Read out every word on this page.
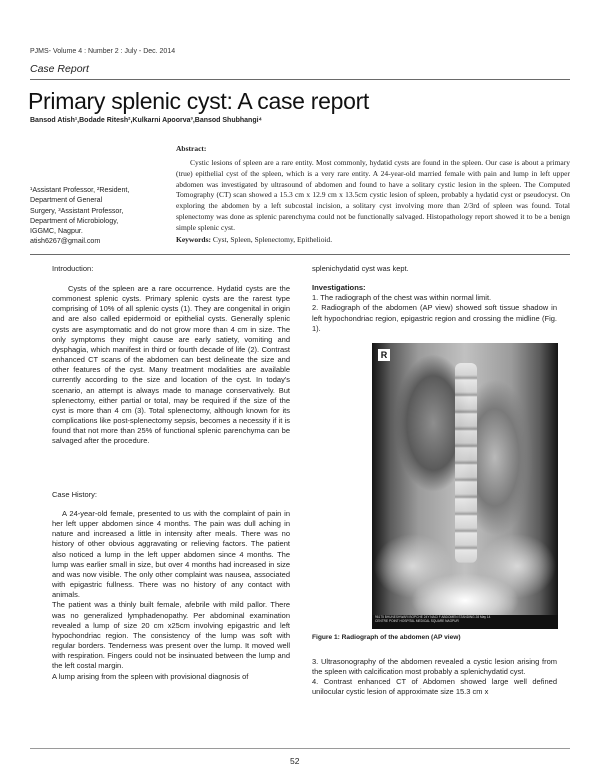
PJMS- Volume 4 : Number 2 : July - Dec. 2014
Case Report
Primary splenic cyst: A case report
Bansod Atish¹,Bodade Ritesh²,Kulkarni Apoorva³,Bansod Shubhangi⁴
¹Assistant Professor, ²Resident,
Department of General
Surgery, ³Assistant Professor,
Department of Microbiology,
IGGMC, Nagpur.
atish6267@gmail.com
Abstract:

Cystic lesions of spleen are a rare entity. Most commonly, hydatid cysts are found in the spleen. Our case is about a primary (true) epithelial cyst of the spleen, which is a very rare entity. A 24-year-old married female with pain and lump in left upper abdomen was investigated by ultrasound of abdomen and found to have a solitary cystic lesion in the spleen. The Computed Tomography (CT) scan showed a 15.3 cm x 12.9 cm x 13.5cm cystic lesion of spleen, probably a hydatid cyst or pseudocyst. On exploring the abdomen by a left subcostal incision, a solitary cyst involving more than 2/3rd of spleen was found. Total splenectomy was done as splenic parenchyma could not be functionally salvaged. Histopathology report showed it to be a benign simple splenic cyst.

Keywords: Cyst, Spleen, Splenectomy, Epithelioid.
Introduction:

Cysts of the spleen are a rare occurrence. Hydatid cysts are the commonest splenic cysts. Primary splenic cysts are the rarest type comprising of 10% of all splenic cysts (1). They are congenital in origin and are also called epidermoid or epithelial cysts. Generally splenic cysts are asymptomatic and do not grow more than 4 cm in size. The only symptoms they might cause are early satiety, vomiting and dysphagia, which manifest in third or fourth decade of life (2). Contrast enhanced CT scans of the abdomen can best delineate the size and other features of the cyst. Many treatment modalities are available currently according to the size and location of the cyst. In today's scenario, an attempt is always made to manage conservatively. But splenectomy, either partial or total, may be required if the size of the cyst is more than 4 cm (3). Total splenectomy, although known for its complications like post-splenectomy sepsis, becomes a necessity if it is found that not more than 25% of functional splenic parenchyma can be salvaged after the procedure.

Case History:

A 24-year-old female, presented to us with the complaint of pain in her left upper abdomen since 4 months. The pain was dull aching in nature and increased a little in intensity after meals. There was no history of other obvious aggravating or relieving factors. The patient also noticed a lump in the left upper abdomen since 4 months. The lump was earlier small in size, but over 4 months had increased in size and was now visible. The only other complaint was nausea, associated with epigastric fullness. There was no history of any contact with animals.

The patient was a thinly built female, afebrile with mild pallor. There was no generalized lymphadenopathy. Per abdominal examination revealed a lump of size 20 cm x25cm involving epigastric and left hypochondriac region. The consistency of the lump was soft with regular borders. Tenderness was present over the lump. It moved well with respiration. Fingers could not be insinuated between the lump and the left costal margin.

A lump arising from the spleen with provisional diagnosis of

splenichydatid cyst was kept.

Investigations:

1. The radiograph of the chest was within normal limit.

2. Radiograph of the abdomen (AP view) showed soft tissue shadow in left hypochondriac region, epigastric region and crossing the midline (Fig. 1).

R
96175 BHUNESHWARI BOPCHE 24Y NACI F ABDOMEN STANDING 28 May 14
CENTRE POINT HOSPITAL MEDICAL SQUARE NAGPUR
Figure 1: Radiograph of the abdomen (AP view)

3. Ultrasonography of the abdomen revealed a cystic lesion arising from the spleen with calcification most probably a splenichydatid cyst.

4. Contrast enhanced CT of Abdomen showed large well defined unilocular cystic lesion of approximate size 15.3 cm x

52
